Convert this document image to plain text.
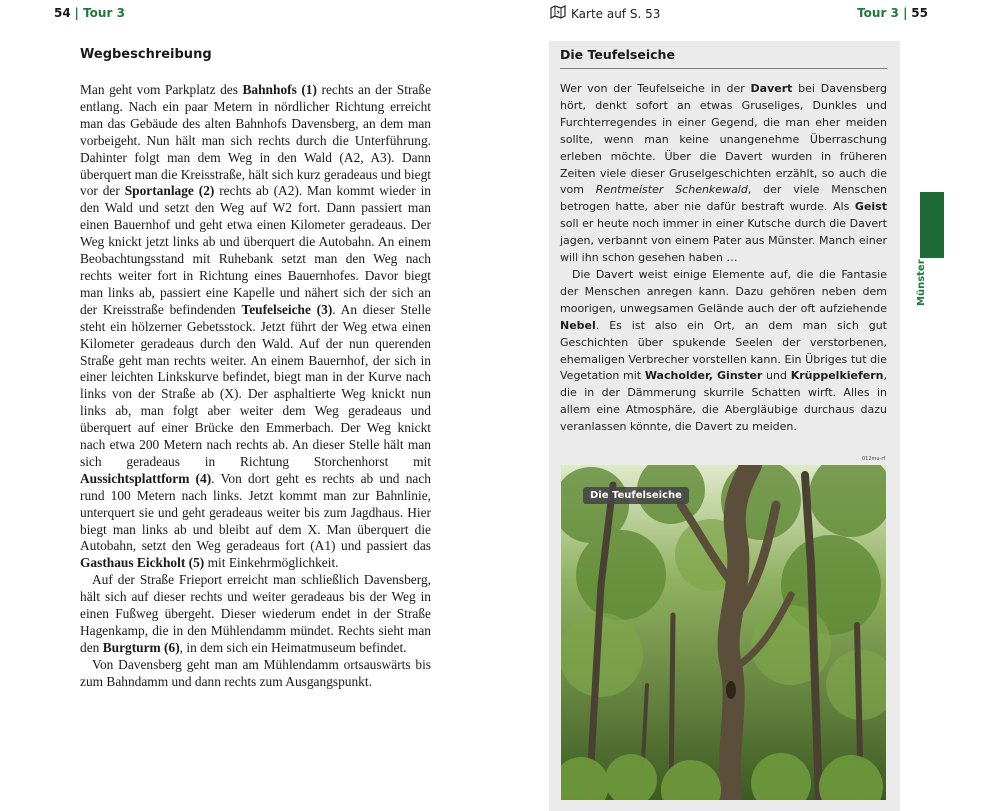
54 | Tour 3	Karte auf S. 53	Tour 3 | 55
Wegbeschreibung

Man geht vom Parkplatz des Bahnhofs (1) rechts an der Straße entlang. Nach ein paar Metern in nördlicher Richtung erreicht man das Gebäude des alten Bahnhofs Davensberg, an dem man vorbeigeht. Nun hält man sich rechts durch die Unterführung. Dahinter folgt man dem Weg in den Wald (A2, A3). Dann überquert man die Kreisstraße, hält sich kurz geradeaus und biegt vor der Sportanlage (2) rechts ab (A2). Man kommt wieder in den Wald und setzt den Weg auf W2 fort. Dann passiert man einen Bauernhof und geht etwa einen Kilometer geradeaus. Der Weg knickt jetzt links ab und überquert die Autobahn. An einem Beobachtungsstand mit Ruhebank setzt man den Weg nach rechts weiter fort in Richtung eines Bauernhofes. Davor biegt man links ab, passiert eine Kapelle und nähert sich der sich an der Kreisstraße befindenden Teufelseiche (3). An dieser Stelle steht ein hölzerner Gebetsstock. Jetzt führt der Weg etwa einen Kilometer geradeaus durch den Wald. Auf der nun querenden Straße geht man rechts weiter. An einem Bauernhof, der sich in einer leichten Linkskurve befindet, biegt man in der Kurve nach links von der Straße ab (X). Der asphaltierte Weg knickt nun links ab, man folgt aber weiter dem Weg geradeaus und überquert auf einer Brücke den Emmerbach. Der Weg knickt nach etwa 200 Metern nach rechts ab. An dieser Stelle hält man sich geradeaus in Richtung Storchenhorst mit Aussichtsplattform (4). Von dort geht es rechts ab und nach rund 100 Metern nach links. Jetzt kommt man zur Bahnlinie, unterquert sie und geht geradeaus weiter bis zum Jagdhaus. Hier biegt man links ab und bleibt auf dem X. Man überquert die Autobahn, setzt den Weg geradeaus fort (A1) und passiert das Gasthaus Eickholt (5) mit Einkehrmöglichkeit.

Auf der Straße Frieport erreicht man schließlich Davensberg, hält sich auf dieser rechts und weiter geradeaus bis der Weg in einen Fußweg übergeht. Dieser wiederum endet in der Straße Hagenkamp, die in den Mühlendamm mündet. Rechts sieht man den Burgturm (6), in dem sich ein Heimatmuseum befindet.

Von Davensberg geht man am Mühlendamm ortsauswärts bis zum Bahndamm und dann rechts zum Ausgangspunkt.

Die Teufelseiche

Wer von der Teufelseiche in der Davert bei Davensberg hört, denkt sofort an etwas Gruseliges, Dunkles und Furchterregendes in einer Gegend, die man eher meiden sollte, wenn man keine unangenehme Überraschung erleben möchte. Über die Davert wurden in früheren Zeiten viele dieser Gruselgeschichten erzählt, so auch die vom Rentmeister Schenkewald, der viele Menschen betrogen hatte, aber nie dafür bestraft wurde. Als Geist soll er heute noch immer in einer Kutsche durch die Davert jagen, verbannt von einem Pater aus Münster. Manch einer will ihn schon gesehen haben …

Die Davert weist einige Elemente auf, die die Fantasie der Menschen anregen kann. Dazu gehören neben dem moorigen, unwegsamen Gelände auch der oft aufziehende Nebel. Es ist also ein Ort, an dem man sich gut Geschichten über spukende Seelen der verstorbenen, ehemaligen Verbrecher vorstellen kann. Ein Übriges tut die Vegetation mit Wacholder, Ginster und Krüppelkiefern, die in der Dämmerung skurrile Schatten wirft. Alles in allem eine Atmosphäre, die Abergläubige durchaus dazu veranlassen könnte, die Davert zu meiden.

012mu-rf
Die Teufelseiche
Münster
